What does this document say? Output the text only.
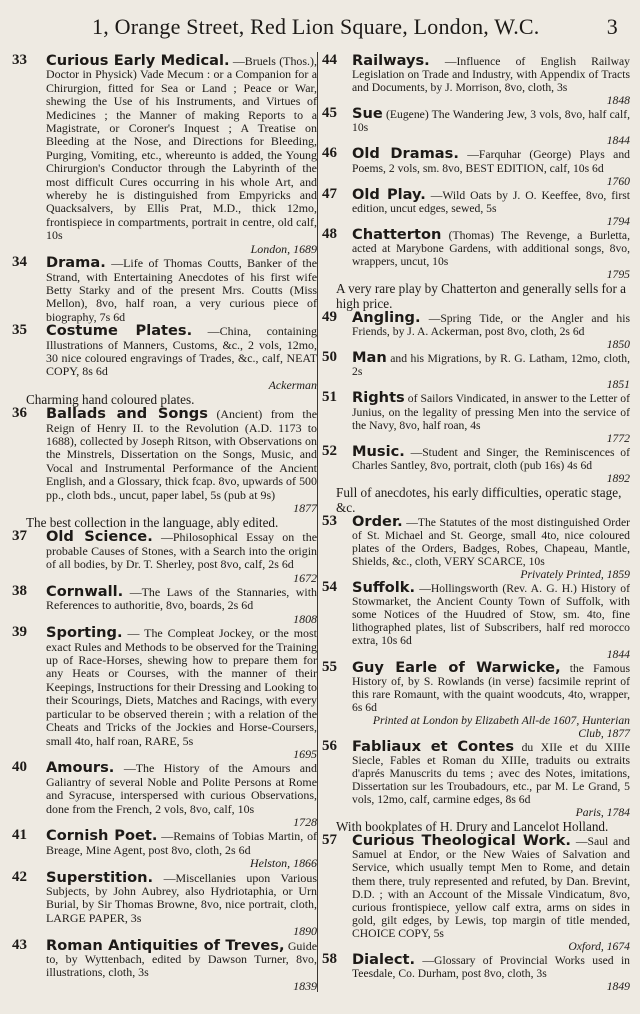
1, Orange Street, Red Lion Square, London, W.C.	3

33 Curious Early Medical. —Bruels (Thos.), Doctor in Physick) Vade Mecum : or a Companion for a Chirurgion, fitted for Sea or Land ; Peace or War, shewing the Use of his Instruments, and Virtues of Medicines ; the Manner of making Reports to a Magistrate, or Coroner's Inquest ; A Treatise on Bleeding at the Nose, and Directions for Bleeding, Purging, Vomiting, etc., whereunto is added, the Young Chirurgion's Conductor through the Labyrinth of the most difficult Cures occurring in his whole Art, and whereby he is distinguished from Empyricks and Quacksalvers, by Ellis Prat, M.D., thick 12mo, frontispiece in compartments, portrait in centre, old calf, 10s
London, 1689

34 Drama. —Life of Thomas Coutts, Banker of the Strand, with Entertaining Anecdotes of his first wife Betty Starky and of the present Mrs. Coutts (Miss Mellon), 8vo, half roan, a very curious piece of biography, 7s 6d

35 Costume Plates. —China, containing Illustrations of Manners, Customs, &c., 2 vols, 12mo, 30 nice coloured engravings of Trades, &c., calf, NEAT COPY, 8s 6d
Ackerman

Charming hand coloured plates.

36 Ballads and Songs (Ancient) from the Reign of Henry II. to the Revolution (A.D. 1173 to 1688), collected by Joseph Ritson, with Observations on the Minstrels, Dissertation on the Songs, Music, and Vocal and Instrumental Performance of the Ancient English, and a Glossary, thick fcap. 8vo, upwards of 500 pp., cloth bds., uncut, paper label, 5s (pub at 9s)
1877

The best collection in the language, ably edited.

37 Old Science. —Philosophical Essay on the probable Causes of Stones, with a Search into the origin of all bodies, by Dr. T. Sherley, post 8vo, calf, 2s 6d
1672

38 Cornwall. —The Laws of the Stannaries, with References to authoritie, 8vo, boards, 2s 6d
1808

39 Sporting. — The Compleat Jockey, or the most exact Rules and Methods to be observed for the Training up of Race-Horses, shewing how to prepare them for any Heats or Courses, with the manner of their Keepings, Instructions for their Dressing and Looking to their Scourings, Diets, Matches and Racings, with every particular to be observed therein ; with a relation of the Cheats and Tricks of the Jockies and Horse-Coursers, small 4to, half roan, RARE, 5s
1695

40 Amours. —The History of the Amours and Galiantry of several Noble and Polite Persons at Rome and Syracuse, interspersed with curious Observations, done from the French, 2 vols, 8vo, calf, 10s
1728

41 Cornish Poet. —Remains of Tobias Martin, of Breage, Mine Agent, post 8vo, cloth, 2s 6d
Helston, 1866

42 Superstition. —Miscellanies upon Various Subjects, by John Aubrey, also Hydriotaphia, or Urn Burial, by Sir Thomas Browne, 8vo, nice portrait, cloth, LARGE PAPER, 3s
1890

43 Roman Antiquities of Treves, Guide to, by Wyttenbach, edited by Dawson Turner, 8vo, illustrations, cloth, 3s
1839

44 Railways. —Influence of English Railway Legislation on Trade and Industry, with Appendix of Tracts and Documents, by J. Morrison, 8vo, cloth, 3s
1848

45 Sue (Eugene) The Wandering Jew, 3 vols, 8vo, half calf, 10s
1844

46 Old Dramas. —Farquhar (George) Plays and Poems, 2 vols, sm. 8vo, BEST EDITION, calf, 10s 6d
1760

47 Old Play. —Wild Oats by J. O. Keeffee, 8vo, first edition, uncut edges, sewed, 5s
1794

48 Chatterton (Thomas) The Revenge, a Burletta, acted at Marybone Gardens, with additional songs, 8vo, wrappers, uncut, 10s
1795

A very rare play by Chatterton and generally sells for a high price.

49 Angling. —Spring Tide, or the Angler and his Friends, by J. A. Ackerman, post 8vo, cloth, 2s 6d
1850

50 Man and his Migrations, by R. G. Latham, 12mo, cloth, 2s
1851

51 Rights of Sailors Vindicated, in answer to the Letter of Junius, on the legality of pressing Men into the service of the Navy, 8vo, half roan, 4s
1772

52 Music. —Student and Singer, the Reminiscences of Charles Santley, 8vo, portrait, cloth (pub 16s) 4s 6d
1892

Full of anecdotes, his early difficulties, operatic stage, &c.

53 Order. —The Statutes of the most distinguished Order of St. Michael and St. George, small 4to, nice coloured plates of the Orders, Badges, Robes, Chapeau, Mantle, Shields, &c., cloth, VERY SCARCE, 10s
Privately Printed, 1859

54 Suffolk. —Hollingsworth (Rev. A. G. H.) History of Stowmarket, the Ancient County Town of Suffolk, with some Notices of the Huudred of Stow, sm. 4to, fine lithographed plates, list of Subscribers, half red morocco extra, 10s 6d
1844

55 Guy Earle of Warwicke, the Famous History of, by S. Rowlands (in verse) facsimile reprint of this rare Romaunt, with the quaint woodcuts, 4to, wrapper, 6s 6d
Printed at London by Elizabeth All-de 1607, Hunterian Club, 1877

56 Fabliaux et Contes du XIIe et du XIIIe Siecle, Fables et Roman du XIIIe, traduits ou extraits d'aprés Manuscrits du tems ; avec des Notes, imitations, Dissertation sur les Troubadours, etc., par M. Le Grand, 5 vols, 12mo, calf, carmine edges, 8s 6d
Paris, 1784

With bookplates of H. Drury and Lancelot Holland.

57 Curious Theological Work. —Saul and Samuel at Endor, or the New Waies of Salvation and Service, which usually tempt Men to Rome, and detain them there, truly represented and refuted, by Dan. Brevint, D.D. ; with an Account of the Missale Vindicatum, 8vo, curious frontispiece, yellow calf extra, arms on sides in gold, gilt edges, by Lewis, top margin of title mended, CHOICE COPY, 5s
Oxford, 1674

58 Dialect. —Glossary of Provincial Works used in Teesdale, Co. Durham, post 8vo, cloth, 3s
1849
